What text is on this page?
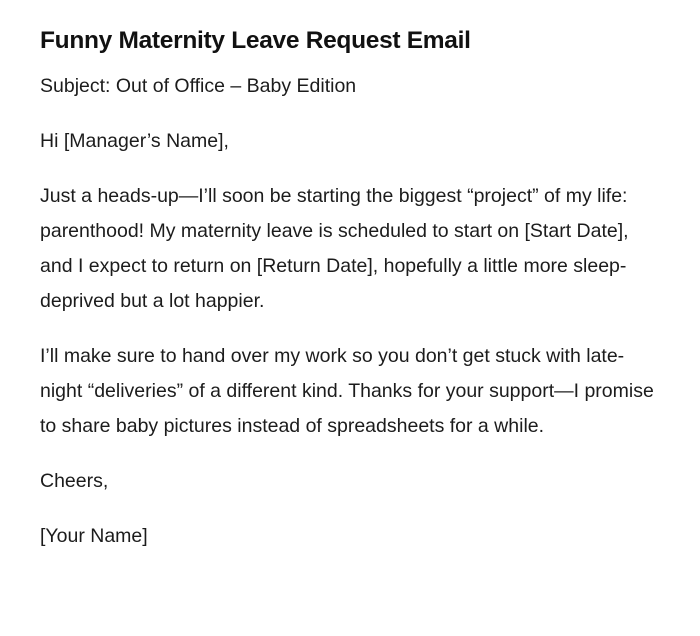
Funny Maternity Leave Request Email

Subject: Out of Office – Baby Edition

Hi [Manager’s Name],

Just a heads-up—I’ll soon be starting the biggest “project” of my life: parenthood! My maternity leave is scheduled to start on [Start Date], and I expect to return on [Return Date], hopefully a little more sleep-deprived but a lot happier.

I’ll make sure to hand over my work so you don’t get stuck with late-night “deliveries” of a different kind. Thanks for your support—I promise to share baby pictures instead of spreadsheets for a while.

Cheers,

[Your Name]
